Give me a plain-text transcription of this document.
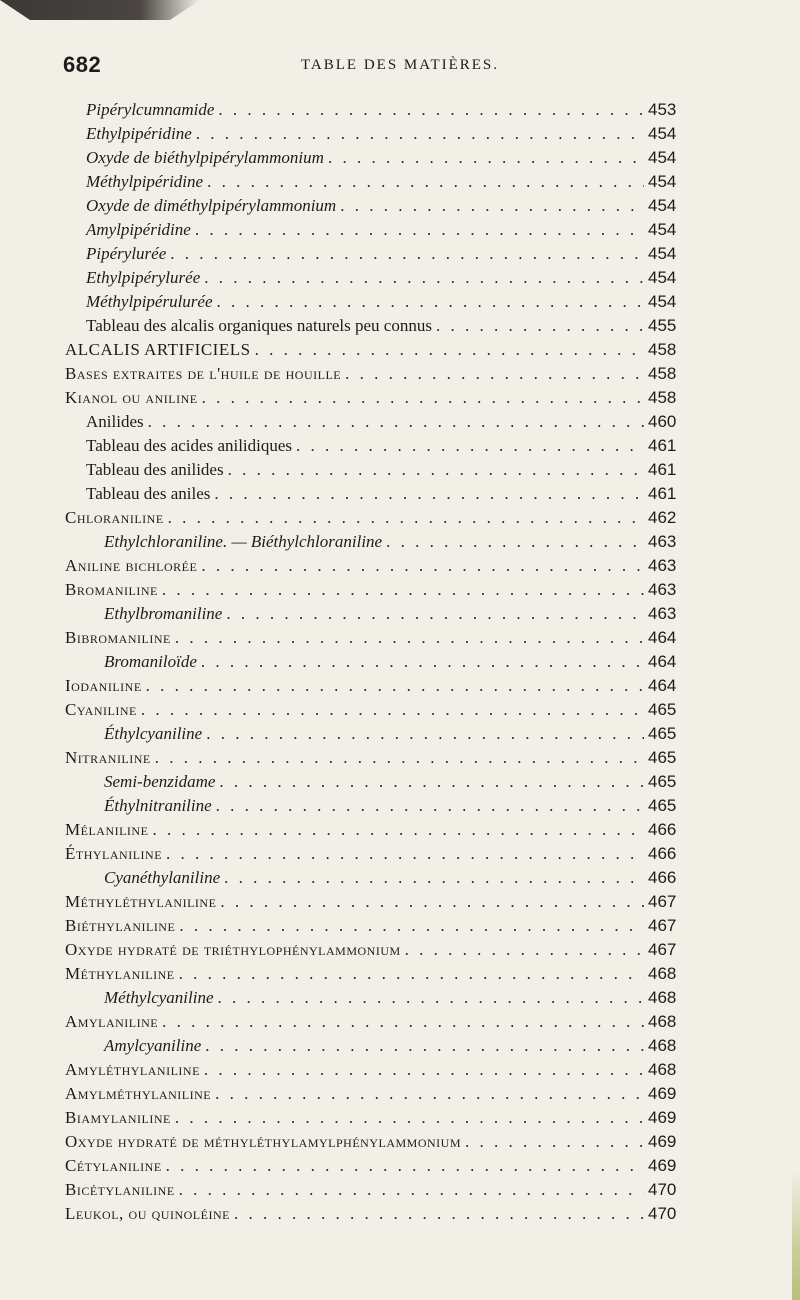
682	TABLE DES MATIÈRES.
Pipérylcumnamide . . .	453
Ethylpipéridine . . .	454
Oxyde de biéthylpipérylammonium . . .	454
Méthylpipéridine . . .	454
Oxyde de diméthylpipérylammonium . . .	454
Amylpipéridine . . .	454
Pipérylurée . . .	454
Ethylpipérylurée . . .	454
Méthylpipérulurée . . .	454
Tableau des alcalis organiques naturels peu connus . . .	455
ALCALIS ARTIFICIELS . . .	458
Bases extraites de l'huile de houille . . .	458
Kianol ou aniline . . .	458
Anilides . . .	460
Tableau des acides anilidiques . . .	461
Tableau des anilides . . .	461
Tableau des aniles . . .	461
Chloraniline . . .	462
Ethylchloraniline. — Biéthylchloraniline . . .	463
Aniline bichlorée . . .	463
Bromaniline . . .	463
Ethylbromaniline . . .	463
Bibromaniline . . .	464
Bromaniloïde . . .	464
Iodaniline . . .	464
Cyaniline . . .	465
Éthylcyaniline . . .	465
Nitraniline . . .	465
Semi-benzidame . . .	465
Éthylnitraniline . . .	465
Mélaniline . . .	466
Éthylaniline . . .	466
Cyanéthylaniline . . .	466
Méthyléthylaniline . . .	467
Biéthylaniline . . .	467
Oxyde hydraté de triéthylophénylammonium . . .	467
Méthylaniline . . .	468
Méthylcyaniline . . .	468
Amylaniline . . .	468
Amylcyaniline . . .	468
Amyléthylaniline . . .	468
Amylméthylaniline . . .	469
Biamylaniline . . .	469
Oxyde hydraté de méthyléthylamylphénylammonium . . .	469
Cétylaniline . . .	469
Bicétylaniline . . .	470
Leukol, ou quinoléine . . .	470
